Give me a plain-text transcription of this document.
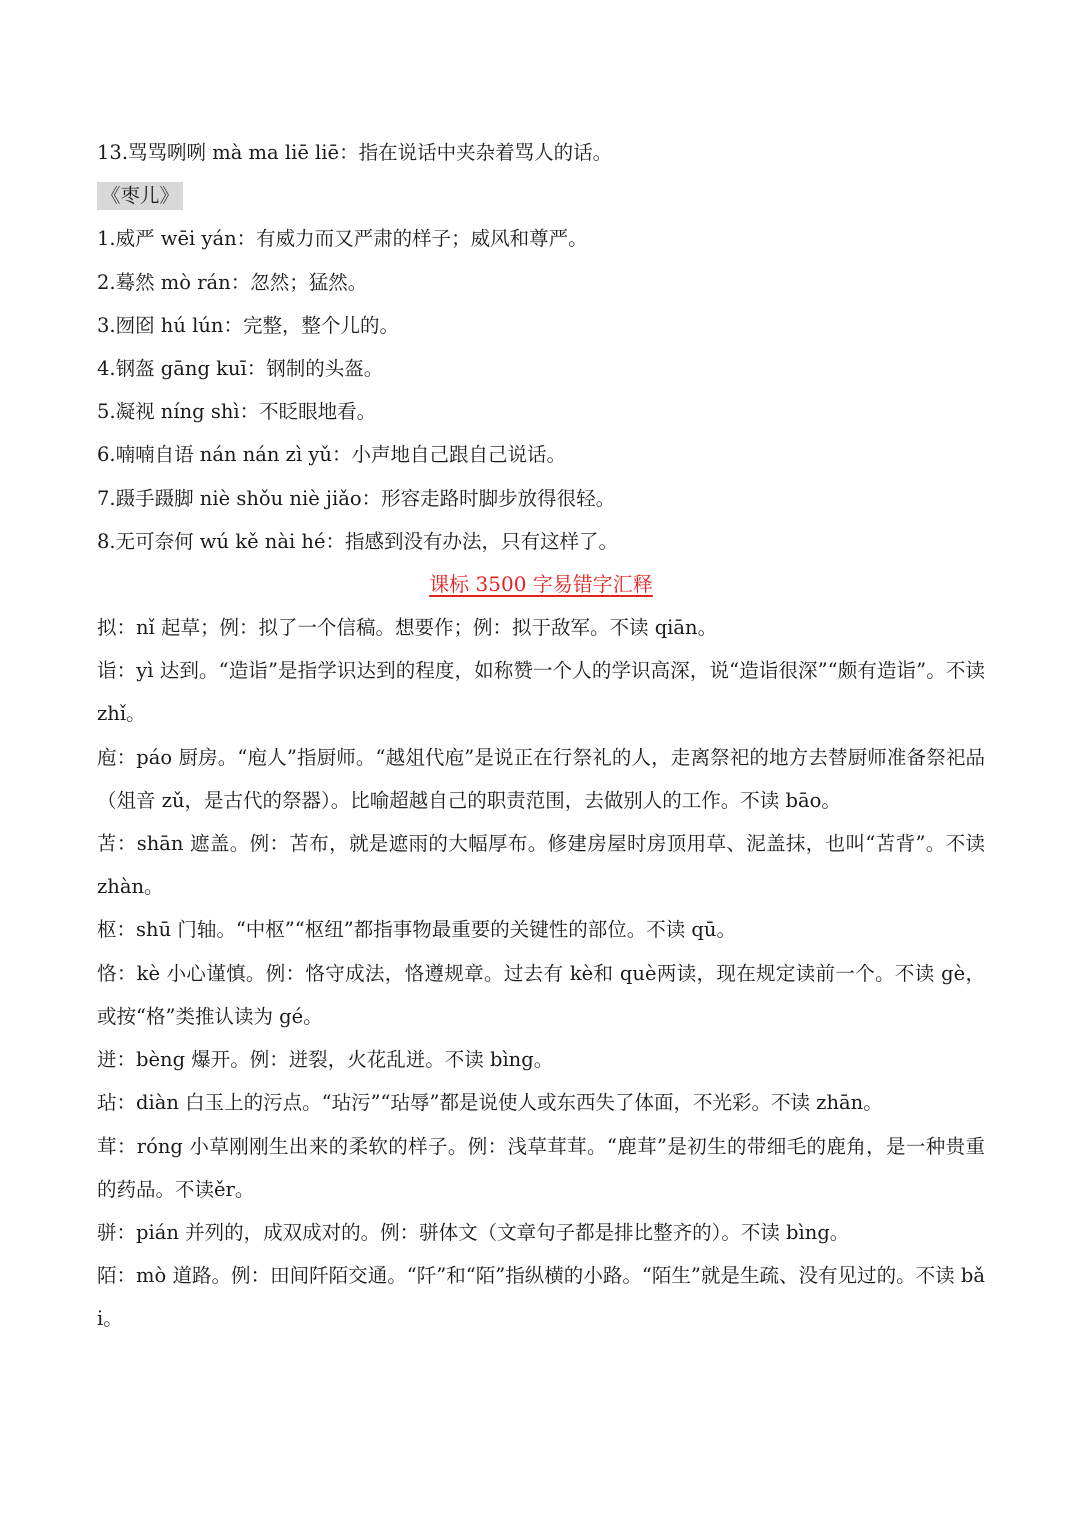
13.骂骂咧咧 mà ma liē liē：指在说话中夹杂着骂人的话。
《枣儿》
1.威严 wēi yán：有威力而又严肃的样子；威风和尊严。
2.蓦然 mò rán：忽然；猛然。
3.囫囵 hú lún：完整，整个儿的。
4.钢盔 gāng kuī：钢制的头盔。
5.凝视 níng shì：不眨眼地看。
6.喃喃自语 nán nán zì yǔ：小声地自己跟自己说话。
7.蹑手蹑脚 niè shǒu niè jiǎo：形容走路时脚步放得很轻。
8.无可奈何 wú kě nài hé：指感到没有办法，只有这样了。
课标 3500 字易错字汇释
拟：nǐ 起草；例：拟了一个信稿。想要作；例：拟于敌军。不读 qiān。
诣：yì 达到。“造诣”是指学识达到的程度，如称赞一个人的学识高深，说“造诣很深”“颇有造诣”。不读 zhǐ。
庖：páo 厨房。“庖人”指厨师。“越俎代庖”是说正在行祭礼的人，走离祭祀的地方去替厨师准备祭祀品（俎音 zǔ，是古代的祭器）。比喻超越自己的职责范围，去做别人的工作。不读 bāo。
苫：shān 遮盖。例：苫布，就是遮雨的大幅厚布。修建房屋时房顶用草、泥盖抹，也叫“苫背”。不读 zhàn。
枢：shū 门轴。“中枢”“枢纽”都指事物最重要的关键性的部位。不读 qū。
恪：kè 小心谨慎。例：恪守成法，恪遵规章。过去有 kè和 què两读，现在规定读前一个。不读 gè，或按“格”类推认读为 gé。
迸：bèng 爆开。例：迸裂，火花乱迸。不读 bìng。
玷：diàn 白玉上的污点。“玷污”“玷辱”都是说使人或东西失了体面，不光彩。不读 zhān。
茸：róng 小草刚刚生出来的柔软的样子。例：浅草茸茸。“鹿茸”是初生的带细毛的鹿角，是一种贵重的药品。不读ěr。
骈：pián 并列的，成双成对的。例：骈体文（文章句子都是排比整齐的）。不读 bìng。
陌：mò 道路。例：田间阡陌交通。“阡”和“陌”指纵横的小路。“陌生”就是生疏、没有见过的。不读 bǎi。
